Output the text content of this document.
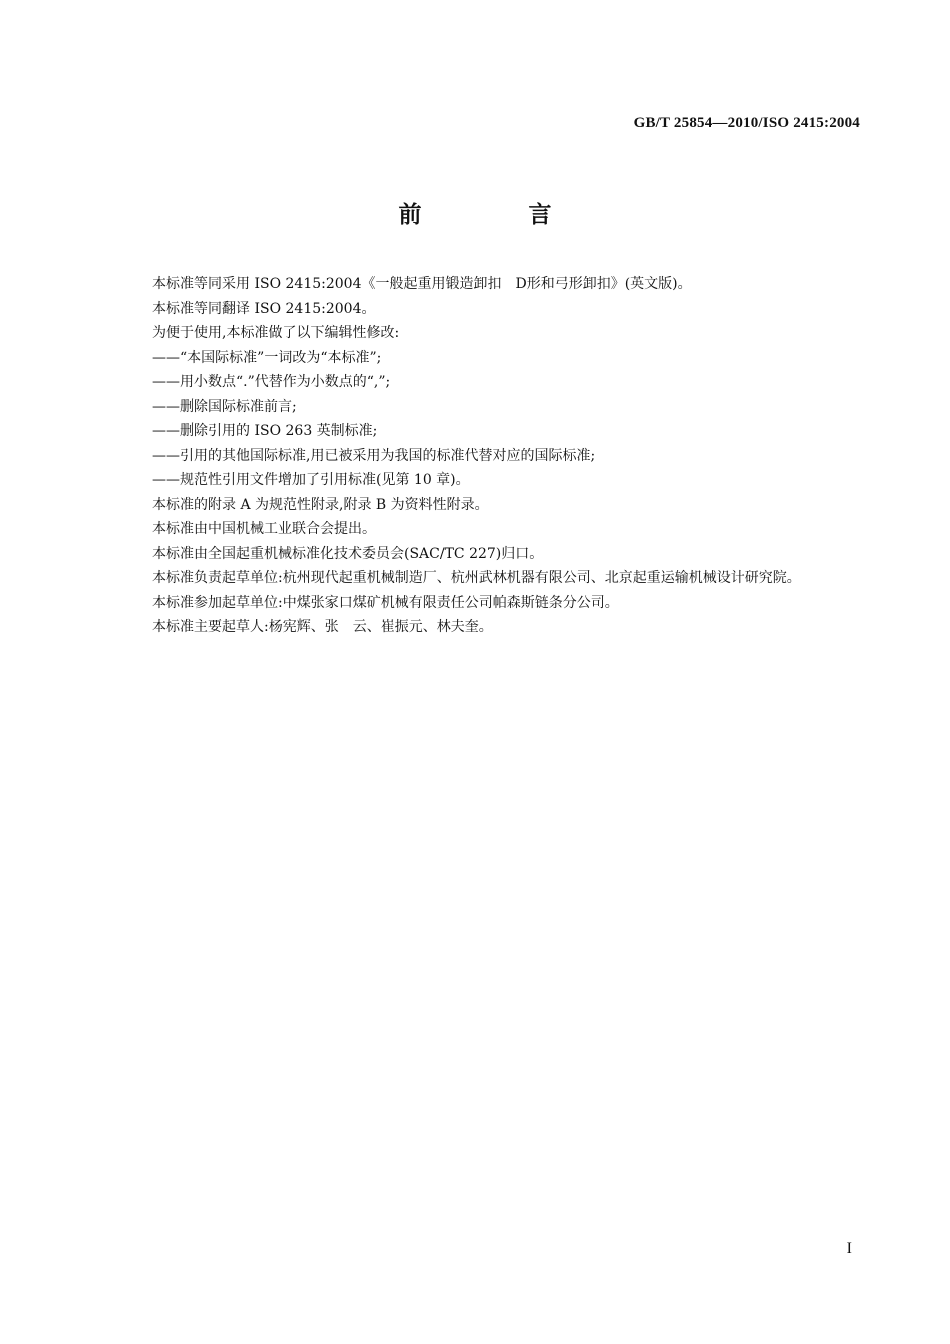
GB/T 25854—2010/ISO 2415:2004
前　言

本标准等同采用 ISO 2415:2004《一般起重用锻造卸扣　D形和弓形卸扣》(英文版)。

本标准等同翻译 ISO 2415:2004。

为便于使用,本标准做了以下编辑性修改:

——“本国际标准”一词改为“本标准”;

——用小数点“.”代替作为小数点的“,”;

——删除国际标准前言;

——删除引用的 ISO 263 英制标准;

——引用的其他国际标准,用已被采用为我国的标准代替对应的国际标准;

——规范性引用文件增加了引用标准(见第 10 章)。

本标准的附录 A 为规范性附录,附录 B 为资料性附录。

本标准由中国机械工业联合会提出。

本标准由全国起重机械标准化技术委员会(SAC/TC 227)归口。

本标准负责起草单位:杭州现代起重机械制造厂、杭州武林机器有限公司、北京起重运输机械设计研究院。

本标准参加起草单位:中煤张家口煤矿机械有限责任公司帕森斯链条分公司。

本标准主要起草人:杨宪辉、张　云、崔振元、林夫奎。

I
